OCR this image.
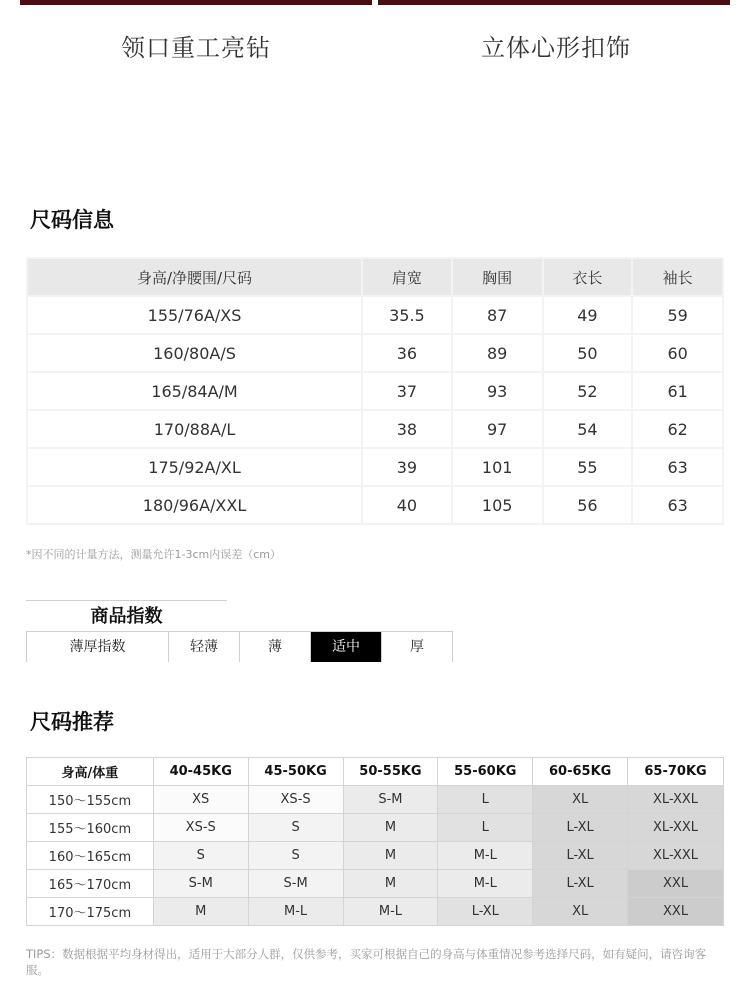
领口重工亮钻	立体心形扣饰
尺码信息
身高/净腰围/尺码	肩宽	胸围	衣长	袖长
155/76A/XS	35.5	87	49	59
160/80A/S	36	89	50	60
165/84A/M	37	93	52	61
170/88A/L	38	97	54	62
175/92A/XL	39	101	55	63
180/96A/XXL	40	105	56	63
*因不同的计量方法，测量允许1-3cm内误差（cm）
商品指数
薄厚指数	轻薄	薄	适中	厚
尺码推荐
身高/体重	40-45KG	45-50KG	50-55KG	55-60KG	60-65KG	65-70KG
150～155cm	XS	XS-S	S-M	L	XL	XL-XXL
155～160cm	XS-S	S	M	L	L-XL	XL-XXL
160～165cm	S	S	M	M-L	L-XL	XL-XXL
165～170cm	S-M	S-M	M	M-L	L-XL	XXL
170～175cm	M	M-L	M-L	L-XL	XL	XXL
TIPS：数据根据平均身材得出，适用于大部分人群，仅供参考，买家可根据自己的身高与体重情况参考选择尺码，如有疑问，请咨询客服。
